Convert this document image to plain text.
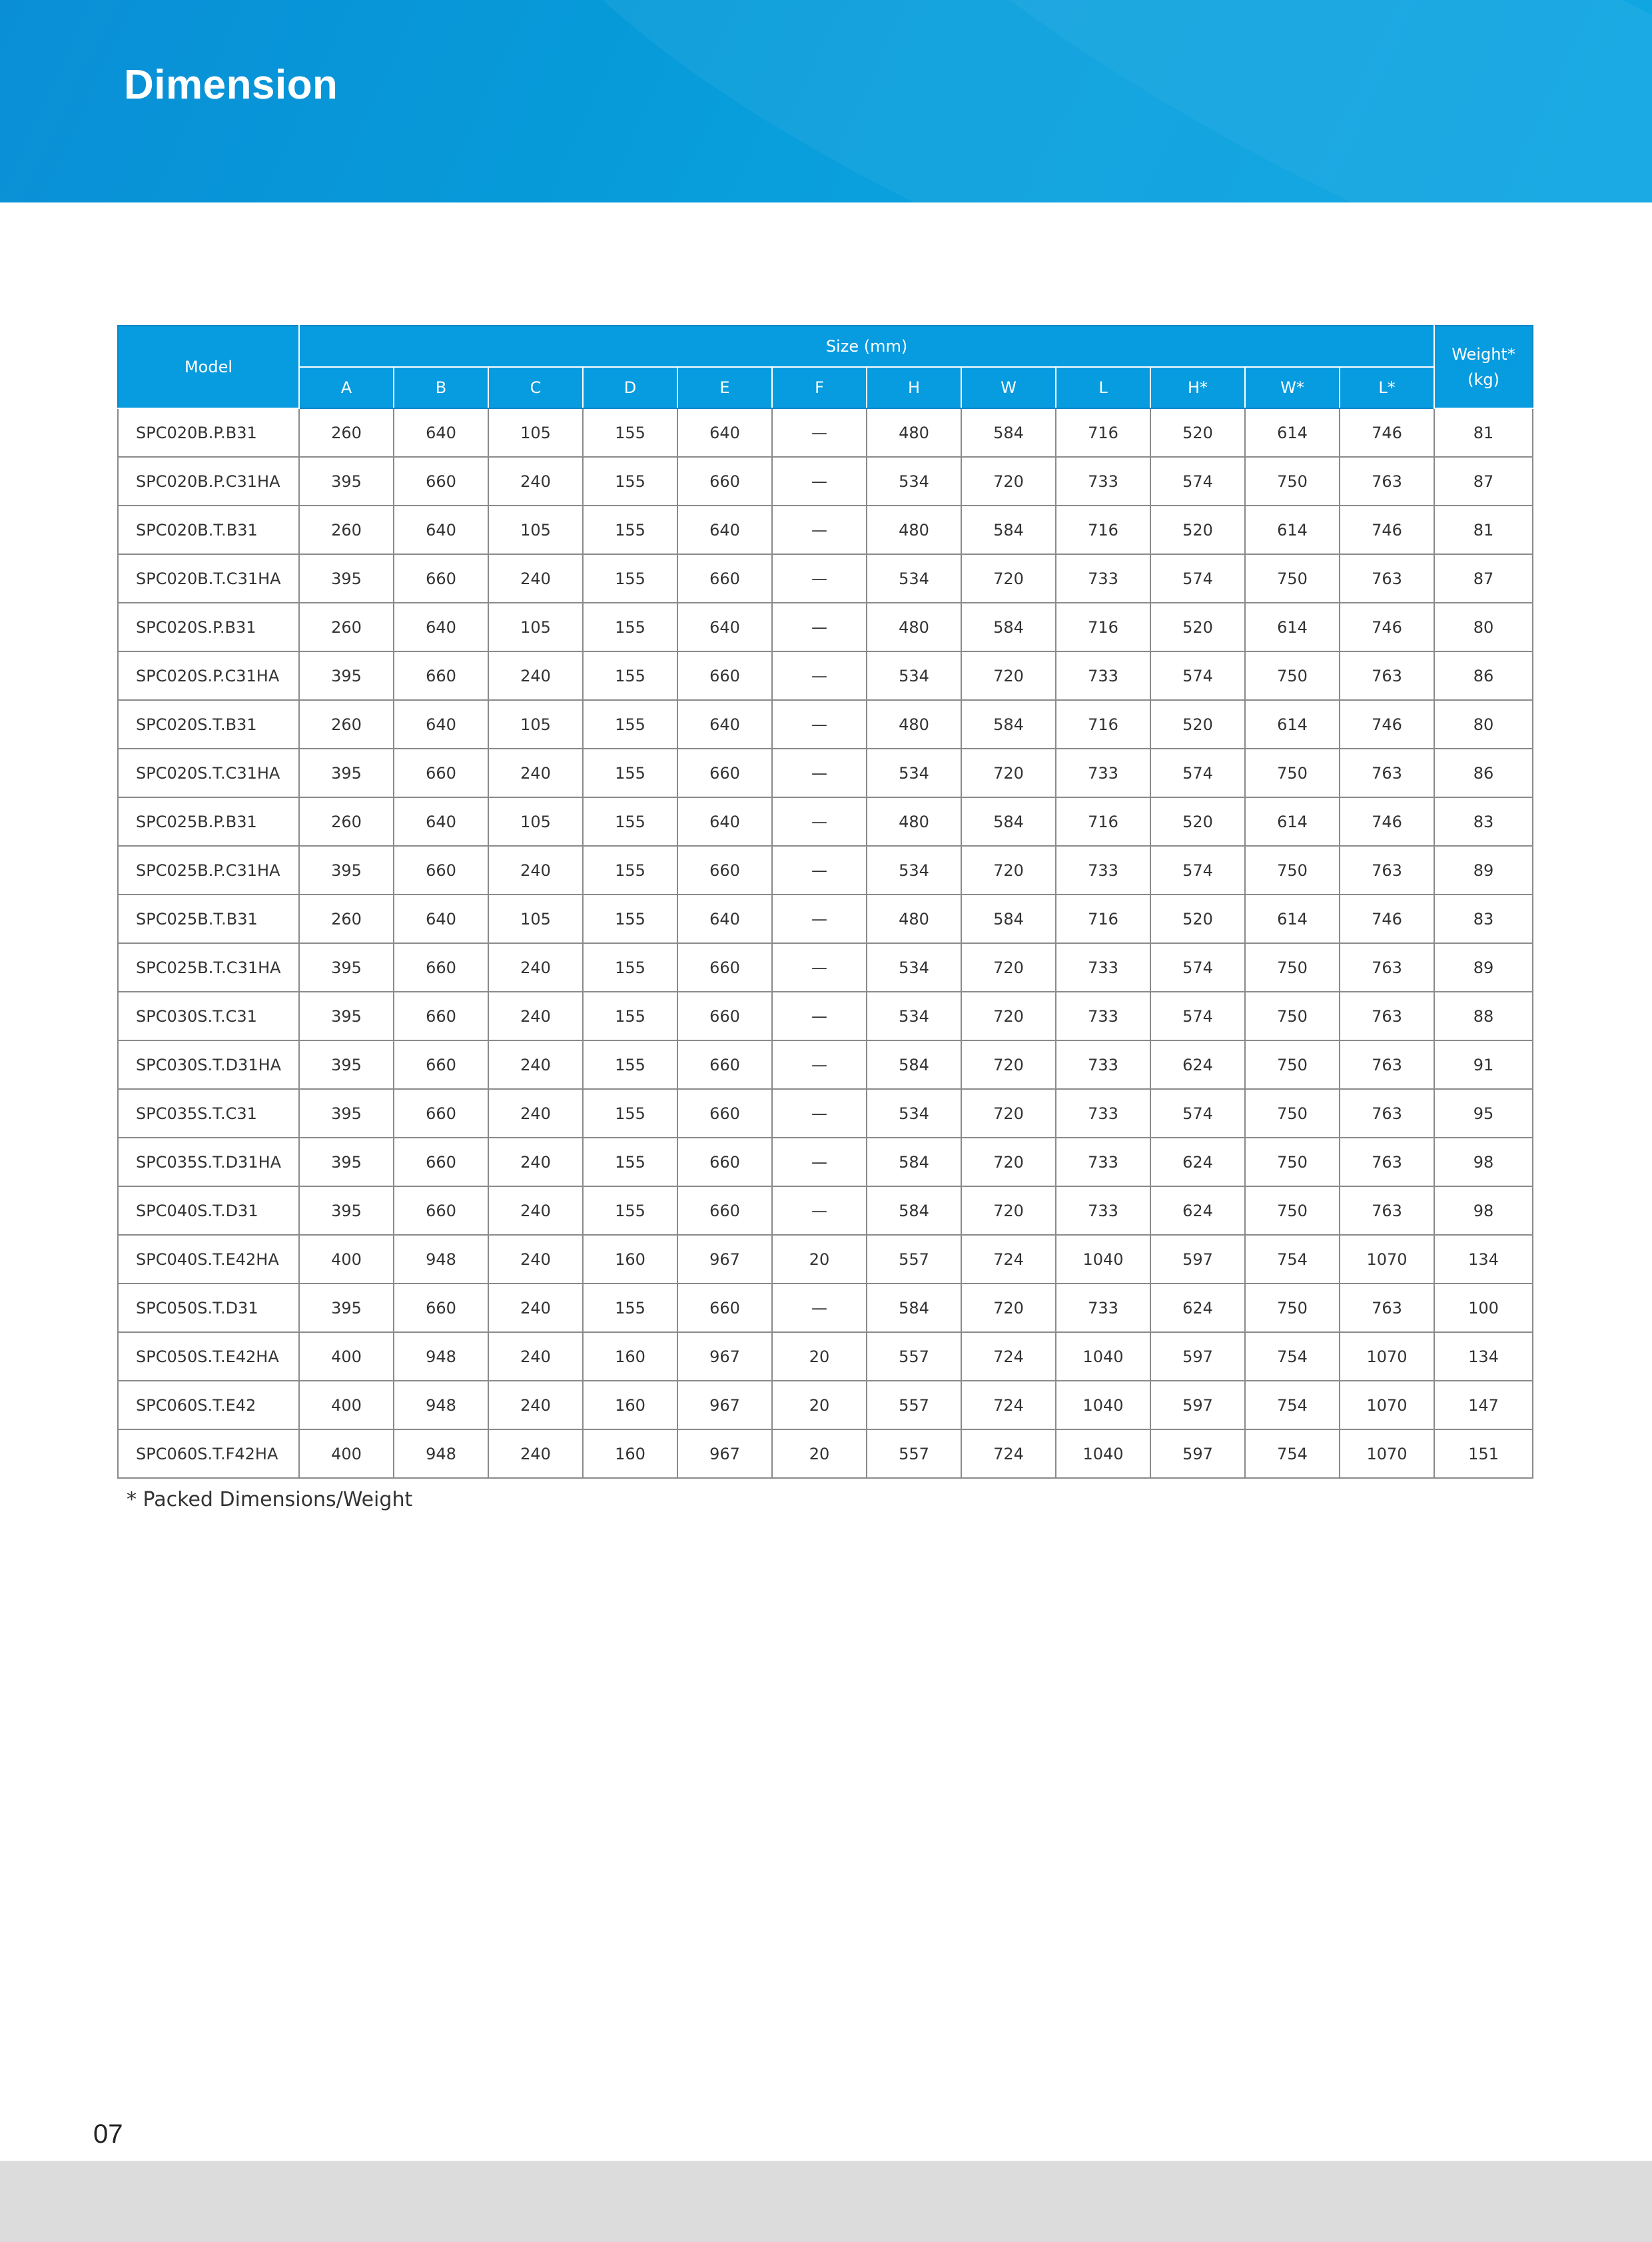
Dimension
Model	Size (mm)												Weight*
(kg)
	A	B	C	D	E	F	H	W	L	H*	W*	L*	
SPC020B.P.B31	260	640	105	155	640	—	480	584	716	520	614	746	81
SPC020B.P.C31HA	395	660	240	155	660	—	534	720	733	574	750	763	87
SPC020B.T.B31	260	640	105	155	640	—	480	584	716	520	614	746	81
SPC020B.T.C31HA	395	660	240	155	660	—	534	720	733	574	750	763	87
SPC020S.P.B31	260	640	105	155	640	—	480	584	716	520	614	746	80
SPC020S.P.C31HA	395	660	240	155	660	—	534	720	733	574	750	763	86
SPC020S.T.B31	260	640	105	155	640	—	480	584	716	520	614	746	80
SPC020S.T.C31HA	395	660	240	155	660	—	534	720	733	574	750	763	86
SPC025B.P.B31	260	640	105	155	640	—	480	584	716	520	614	746	83
SPC025B.P.C31HA	395	660	240	155	660	—	534	720	733	574	750	763	89
SPC025B.T.B31	260	640	105	155	640	—	480	584	716	520	614	746	83
SPC025B.T.C31HA	395	660	240	155	660	—	534	720	733	574	750	763	89
SPC030S.T.C31	395	660	240	155	660	—	534	720	733	574	750	763	88
SPC030S.T.D31HA	395	660	240	155	660	—	584	720	733	624	750	763	91
SPC035S.T.C31	395	660	240	155	660	—	534	720	733	574	750	763	95
SPC035S.T.D31HA	395	660	240	155	660	—	584	720	733	624	750	763	98
SPC040S.T.D31	395	660	240	155	660	—	584	720	733	624	750	763	98
SPC040S.T.E42HA	400	948	240	160	967	20	557	724	1040	597	754	1070	134
SPC050S.T.D31	395	660	240	155	660	—	584	720	733	624	750	763	100
SPC050S.T.E42HA	400	948	240	160	967	20	557	724	1040	597	754	1070	134
SPC060S.T.E42	400	948	240	160	967	20	557	724	1040	597	754	1070	147
SPC060S.T.F42HA	400	948	240	160	967	20	557	724	1040	597	754	1070	151
* Packed Dimensions/Weight
07
